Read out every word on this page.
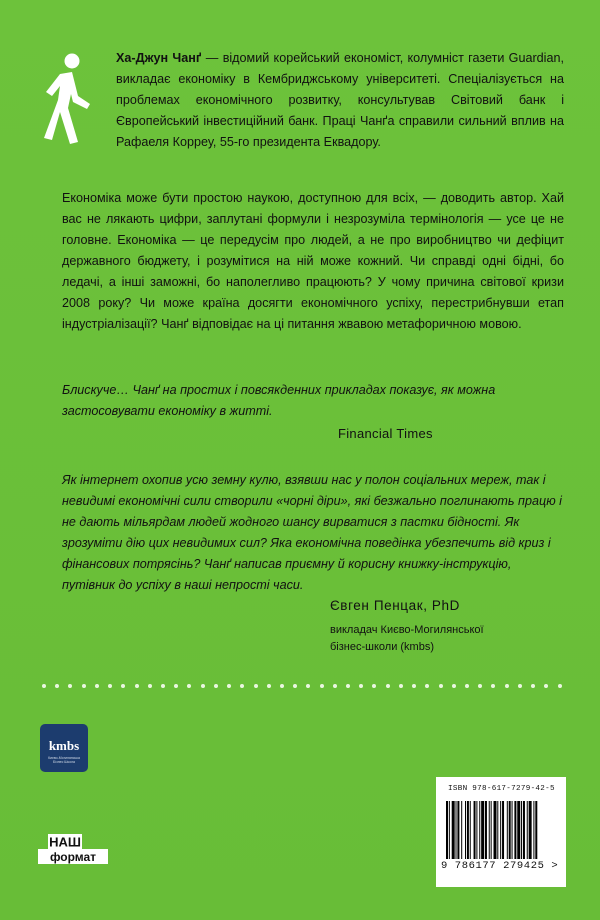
Ха-Джун Чанґ — відомий корейський економіст, колумніст газети Guardian, викладає економіку в Кембриджському університеті. Спеціалізується на проблемах економічного розвитку, консультував Світовий банк і Європейський інвестиційний банк. Праці Чанґа справили сильний вплив на Рафаеля Корреу, 55-го президента Еквадору.
Економіка може бути простою наукою, доступною для всіх, — доводить автор. Хай вас не лякають цифри, заплутані формули і незрозуміла термінологія — усе це не головне. Економіка — це передусім про людей, а не про виробництво чи дефіцит державного бюджету, і розумітися на ній може кожний. Чи справді одні бідні, бо ледачі, а інші заможні, бо наполегливо працюють? У чому причина світової кризи 2008 року? Чи може країна досягти економічного успіху, перестрибнувши етап індустріалізації? Чанґ відповідає на ці питання жвавою метафоричною мовою.
Блискуче… Чанґ на простих і повсякденних прикладах показує, як можна застосовувати економіку в житті.
Financial Times
Як інтернет охопив усю земну кулю, взявши нас у полон соціальних мереж, так і невидимі економічні сили створили «чорні діри», які безжально поглинають працю і не дають мільярдам людей жодного шансу вирватися з пастки бідності. Як зрозуміти дію цих невидимих сил? Яка економічна поведінка убезпечить від криз і фінансових потрясінь? Чанґ написав приємну й корисну книжку-інструкцію, путівник до успіху в наші непрості часи.
Євген Пенцак, PhD
викладач Києво-Могилянської
бізнес-школи (kmbs)
kmbs
Києво-Могилянська Бізнес Школа
НАШ
формат
ISBN 978-617-7279-42-5
9 786177 279425 >
